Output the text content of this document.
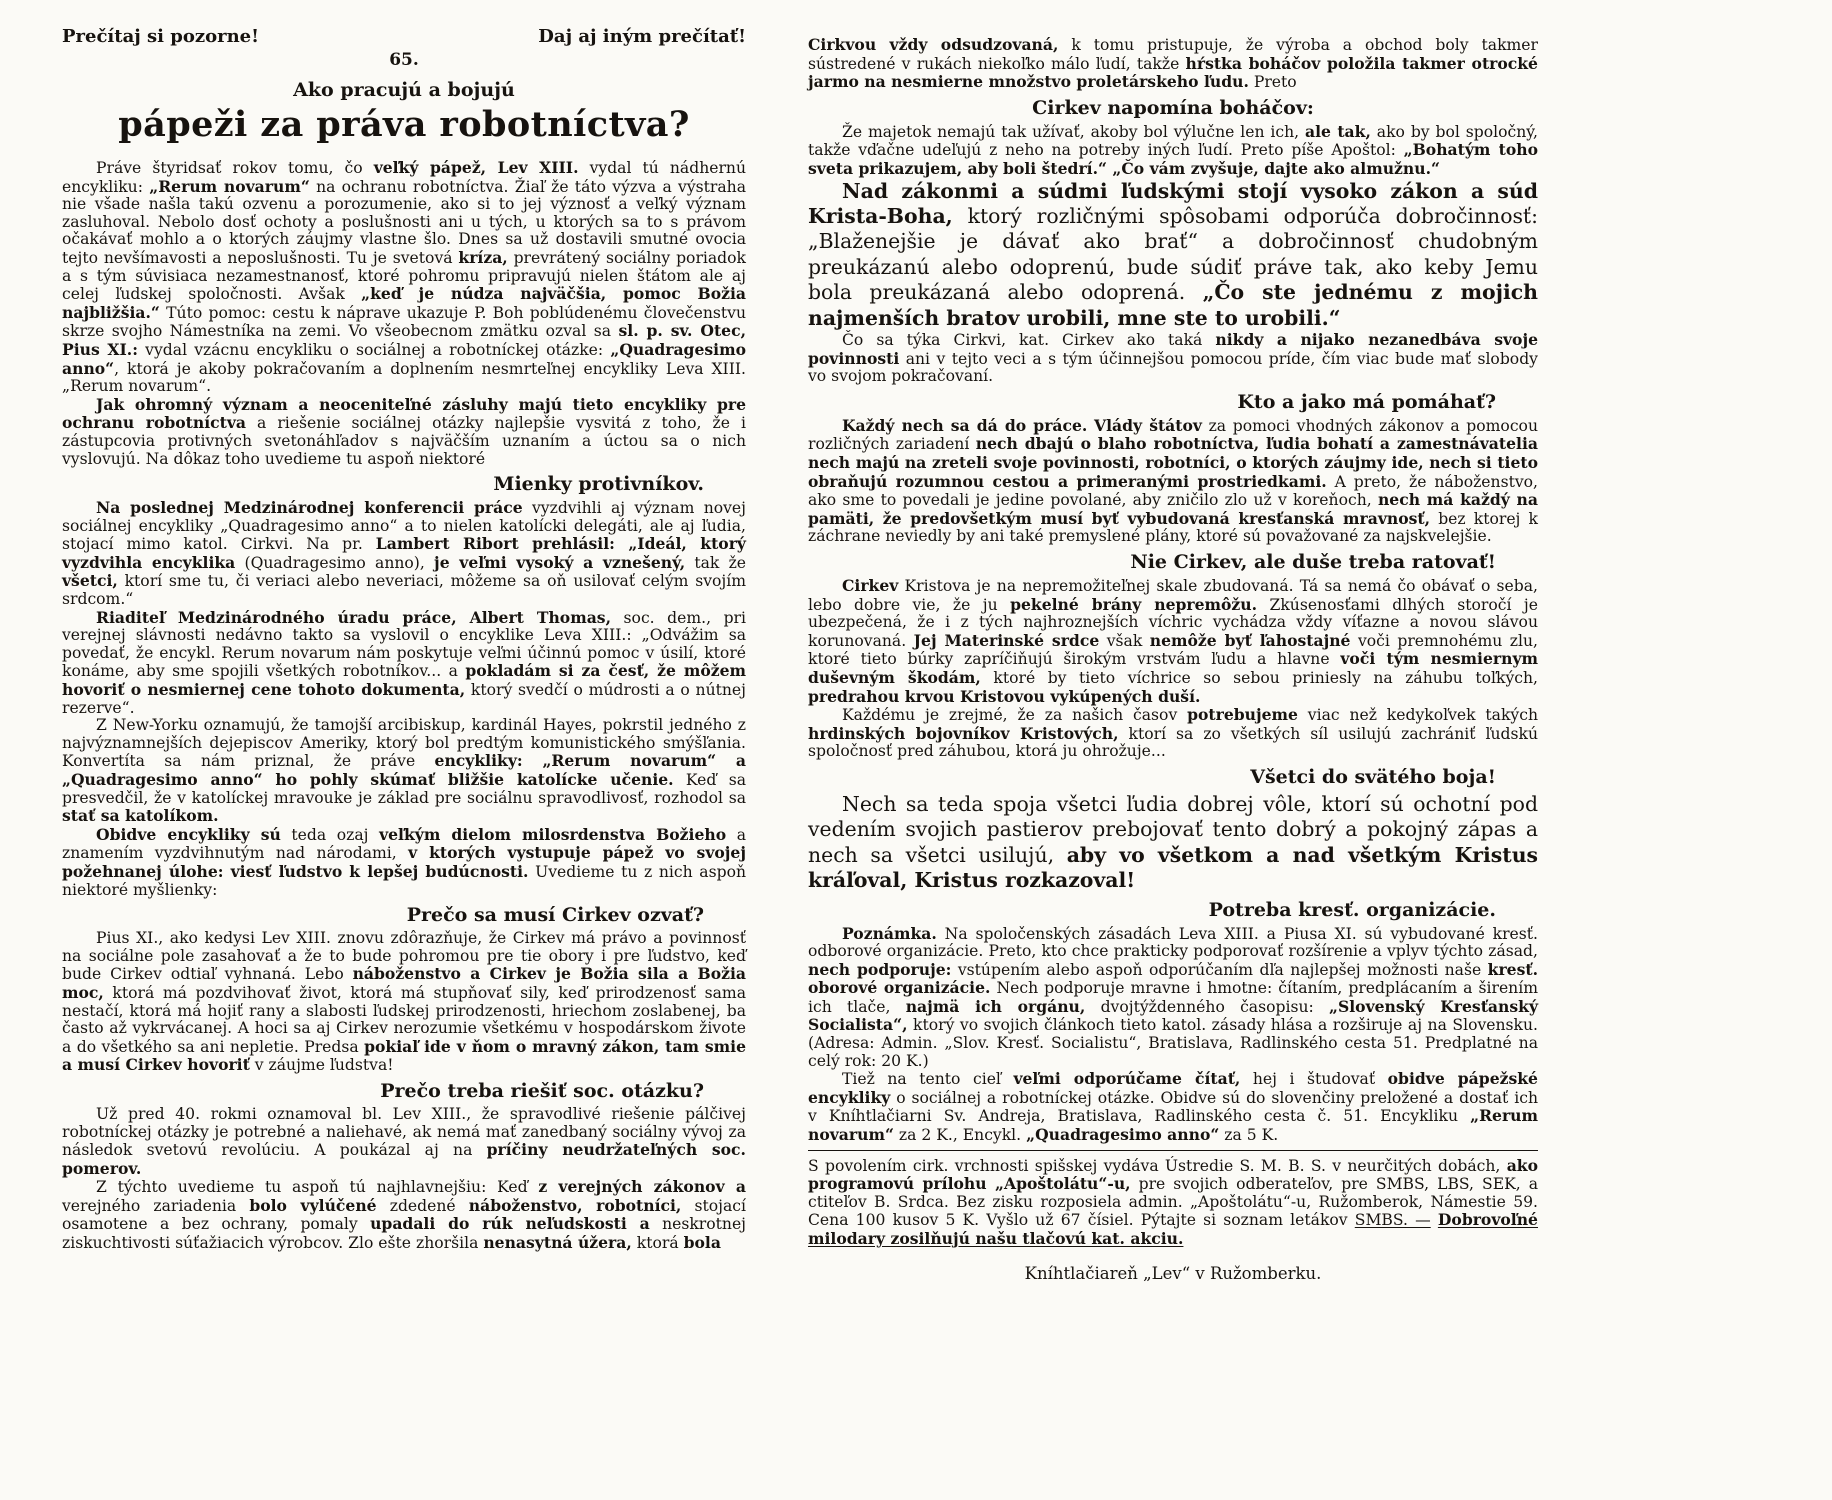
Prečítaj si pozorne!	Daj aj iným prečítať!
65.
Ako pracujú a bojujú
pápeži za práva robotníctva?

Práve štyridsať rokov tomu, čo veľký pápež, Lev XIII. vydal tú nádhernú encykliku: „Rerum novarum“ na ochranu robotníctva. Žiaľ že táto výzva a výstraha nie všade našla takú ozvenu a porozumenie, ako si to jej význosť a veľký význam zasluhoval. Nebolo dosť ochoty a poslušnosti ani u tých, u ktorých sa to s právom očakávať mohlo a o ktorých záujmy vlastne šlo. Dnes sa už dostavili smutné ovocia tejto nevšímavosti a neposlušnosti. Tu je svetová kríza, prevrátený sociálny poriadok a s tým súvisiaca nezamestnanosť, ktoré pohromu pripravujú nielen štátom ale aj celej ľudskej spoločnosti. Avšak „keď je núdza najväčšia, pomoc Božia najbližšia.“ Túto pomoc: cestu k náprave ukazuje P. Boh poblúdenému človečenstvu skrze svojho Námestníka na zemi. Vo všeobecnom zmätku ozval sa sl. p. sv. Otec, Pius XI.: vydal vzácnu encykliku o sociálnej a robotníckej otázke: „Quadragesimo anno“, ktorá je akoby pokračovaním a doplnením nesmrteľnej encykliky Leva XIII. „Rerum novarum“.

Jak ohromný význam a neoceniteľné zásluhy majú tieto encykliky pre ochranu robotníctva a riešenie sociálnej otázky najlepšie vysvitá z toho, že i zástupcovia protivných svetonáhľadov s najväčším uznaním a úctou sa o nich vyslovujú. Na dôkaz toho uvedieme tu aspoň niektoré

Mienky protivníkov.

Na poslednej Medzinárodnej konferencii práce vyzdvihli aj význam novej sociálnej encykliky „Quadragesimo anno“ a to nielen katolícki delegáti, ale aj ľudia, stojací mimo katol. Cirkvi. Na pr. Lambert Ribort prehlásil: „Ideál, ktorý vyzdvihla encyklika (Quadragesimo anno), je veľmi vysoký a vznešený, tak že všetci, ktorí sme tu, či veriaci alebo neveriaci, môžeme sa oň usilovať celým svojím srdcom.“

Riaditeľ Medzinárodného úradu práce, Albert Thomas, soc. dem., pri verejnej slávnosti nedávno takto sa vyslovil o encyklike Leva XIII.: „Odvážim sa povedať, že encykl. Rerum novarum nám poskytuje veľmi účinnú pomoc v úsilí, ktoré konáme, aby sme spojili všetkých robotníkov... a pokladám si za česť, že môžem hovoriť o nesmiernej cene tohoto dokumenta, ktorý svedčí o múdrosti a o nútnej rezerve“.

Z New-Yorku oznamujú, že tamojší arcibiskup, kardinál Hayes, pokrstil jedného z najvýznamnejších dejepiscov Ameriky, ktorý bol predtým komunistického smýšľania. Konvertíta sa nám priznal, že práve encykliky: „Rerum novarum“ a „Quadragesimo anno“ ho pohly skúmať bližšie katolícke učenie. Keď sa presvedčil, že v katolíckej mravouke je základ pre sociálnu spravodlivosť, rozhodol sa stať sa katolíkom.

Obidve encykliky sú teda ozaj veľkým dielom milosrdenstva Božieho a znamením vyzdvihnutým nad národami, v ktorých vystupuje pápež vo svojej požehnanej úlohe: viesť ľudstvo k lepšej budúcnosti. Uvedieme tu z nich aspoň niektoré myšlienky:

Prečo sa musí Cirkev ozvať?

Pius XI., ako kedysi Lev XIII. znovu zdôrazňuje, že Cirkev má právo a povinnosť na sociálne pole zasahovať a že to bude pohromou pre tie obory i pre ľudstvo, keď bude Cirkev odtiaľ vyhnaná. Lebo náboženstvo a Cirkev je Božia sila a Božia moc, ktorá má pozdvihovať život, ktorá má stupňovať sily, keď prirodzenosť sama nestačí, ktorá má hojiť rany a slabosti ľudskej prirodzenosti, hriechom zoslabenej, ba často až vykrvácanej. A hoci sa aj Cirkev nerozumie všetkému v hospodárskom živote a do všetkého sa ani nepletie. Predsa pokiaľ ide v ňom o mravný zákon, tam smie a musí Cirkev hovoriť v záujme ľudstva!

Prečo treba riešiť soc. otázku?

Už pred 40. rokmi oznamoval bl. Lev XIII., že spravodlivé riešenie pálčivej robotníckej otázky je potrebné a naliehavé, ak nemá mať zanedbaný sociálny vývoj za následok svetovú revolúciu. A poukázal aj na príčiny neudržateľných soc. pomerov.

Z týchto uvedieme tu aspoň tú najhlavnejšiu: Keď z verejných zákonov a verejného zariadenia bolo vylúčené zdedené náboženstvo, robotníci, stojací osamotene a bez ochrany, pomaly upadali do rúk neľudskosti a neskrotnej ziskuchtivosti súťažiacich výrobcov. Zlo ešte zhoršila nenasytná úžera, ktorá bola

Cirkvou vždy odsudzovaná, k tomu pristupuje, že výroba a obchod boly takmer sústredené v rukách niekoľko málo ľudí, takže hŕstka boháčov položila takmer otrocké jarmo na nesmierne množstvo proletárskeho ľudu. Preto

Cirkev napomína boháčov:

Že majetok nemajú tak užívať, akoby bol výlučne len ich, ale tak, ako by bol spoločný, takže vďačne udeľujú z neho na potreby iných ľudí. Preto píše Apoštol: „Bohatým toho sveta prikazujem, aby boli štedrí.“ „Čo vám zvyšuje, dajte ako almužnu.“

Nad zákonmi a súdmi ľudskými stojí vysoko zákon a súd Krista-Boha, ktorý rozličnými spôsobami odporúča dobročinnosť: „Blaženejšie je dávať ako brať“ a dobročinnosť chudobným preukázanú alebo odoprenú, bude súdiť práve tak, ako keby Jemu bola preukázaná alebo odoprená. „Čo ste jednému z mojich najmenších bratov urobili, mne ste to urobili.“

Čo sa týka Cirkvi, kat. Cirkev ako taká nikdy a nijako nezanedbáva svoje povinnosti ani v tejto veci a s tým účinnejšou pomocou príde, čím viac bude mať slobody vo svojom pokračovaní.

Kto a jako má pomáhať?

Každý nech sa dá do práce. Vlády štátov za pomoci vhodných zákonov a pomocou rozličných zariadení nech dbajú o blaho robotníctva, ľudia bohatí a zamestnávatelia nech majú na zreteli svoje povinnosti, robotníci, o ktorých záujmy ide, nech si tieto obraňujú rozumnou cestou a primeranými prostriedkami. A preto, že náboženstvo, ako sme to povedali je jedine povolané, aby zničilo zlo už v koreňoch, nech má každý na pamäti, že predovšetkým musí byť vybudovaná kresťanská mravnosť, bez ktorej k záchrane neviedly by ani také premyslené plány, ktoré sú považované za najskvelejšie.

Nie Cirkev, ale duše treba ratovať!

Cirkev Kristova je na nepremožiteľnej skale zbudovaná. Tá sa nemá čo obávať o seba, lebo dobre vie, že ju pekelné brány nepremôžu. Zkúsenosťami dlhých storočí je ubezpečená, že i z tých najhroznejších víchric vychádza vždy víťazne a novou slávou korunovaná. Jej Materinské srdce však nemôže byť ľahostajné voči premnohému zlu, ktoré tieto búrky zapríčiňujú širokým vrstvám ľudu a hlavne voči tým nesmiernym duševným škodám, ktoré by tieto víchrice so sebou priniesly na záhubu toľkých, predrahou krvou Kristovou vykúpených duší.

Každému je zrejmé, že za našich časov potrebujeme viac než kedykoľvek takých hrdinských bojovníkov Kristových, ktorí sa zo všetkých síl usilujú zachrániť ľudskú spoločnosť pred záhubou, ktorá ju ohrožuje...

Všetci do svätého boja!

Nech sa teda spoja všetci ľudia dobrej vôle, ktorí sú ochotní pod vedením svojich pastierov prebojovať tento dobrý a pokojný zápas a nech sa všetci usilujú, aby vo všetkom a nad všetkým Kristus kráľoval, Kristus rozkazoval!

Potreba kresť. organizácie.

Poznámka. Na spoločenských zásadách Leva XIII. a Piusa XI. sú vybudované kresť. odborové organizácie. Preto, kto chce prakticky podporovať rozšírenie a vplyv týchto zásad, nech podporuje: vstúpením alebo aspoň odporúčaním dľa najlepšej možnosti naše kresť. oborové organizácie. Nech podporuje mravne i hmotne: čítaním, predplácaním a širením ich tlače, najmä ich orgánu, dvojtýždenného časopisu: „Slovenský Kresťanský Socialista“, ktorý vo svojich článkoch tieto katol. zásady hlása a rozširuje aj na Slovensku. (Adresa: Admin. „Slov. Kresť. Socialistu“, Bratislava, Radlinského cesta 51. Predplatné na celý rok: 20 K.)

Tiež na tento cieľ veľmi odporúčame čítať, hej i študovať obidve pápežské encykliky o sociálnej a robotníckej otázke. Obidve sú do slovenčiny preložené a dostať ich v Kníhtlačiarni Sv. Andreja, Bratislava, Radlinského cesta č. 51. Encykliku „Rerum novarum“ za 2 K., Encykl. „Quadragesimo anno“ za 5 K.

S povolením cirk. vrchnosti spišskej vydáva Ústredie S. M. B. S. v neurčitých dobách, ako programovú prílohu „Apoštolátu“-u, pre svojich odberateľov, pre SMBS, LBS, SEK, a ctiteľov B. Srdca. Bez zisku rozposiela admin. „Apoštolátu“-u, Ružomberok, Námestie 59. Cena 100 kusov 5 K. Vyšlo už 67 čísiel. Pýtajte si soznam letákov SMBS. — Dobrovoľné milodary zosilňujú našu tlačovú kat. akciu.

Kníhtlačiareň „Lev“ v Ružomberku.
